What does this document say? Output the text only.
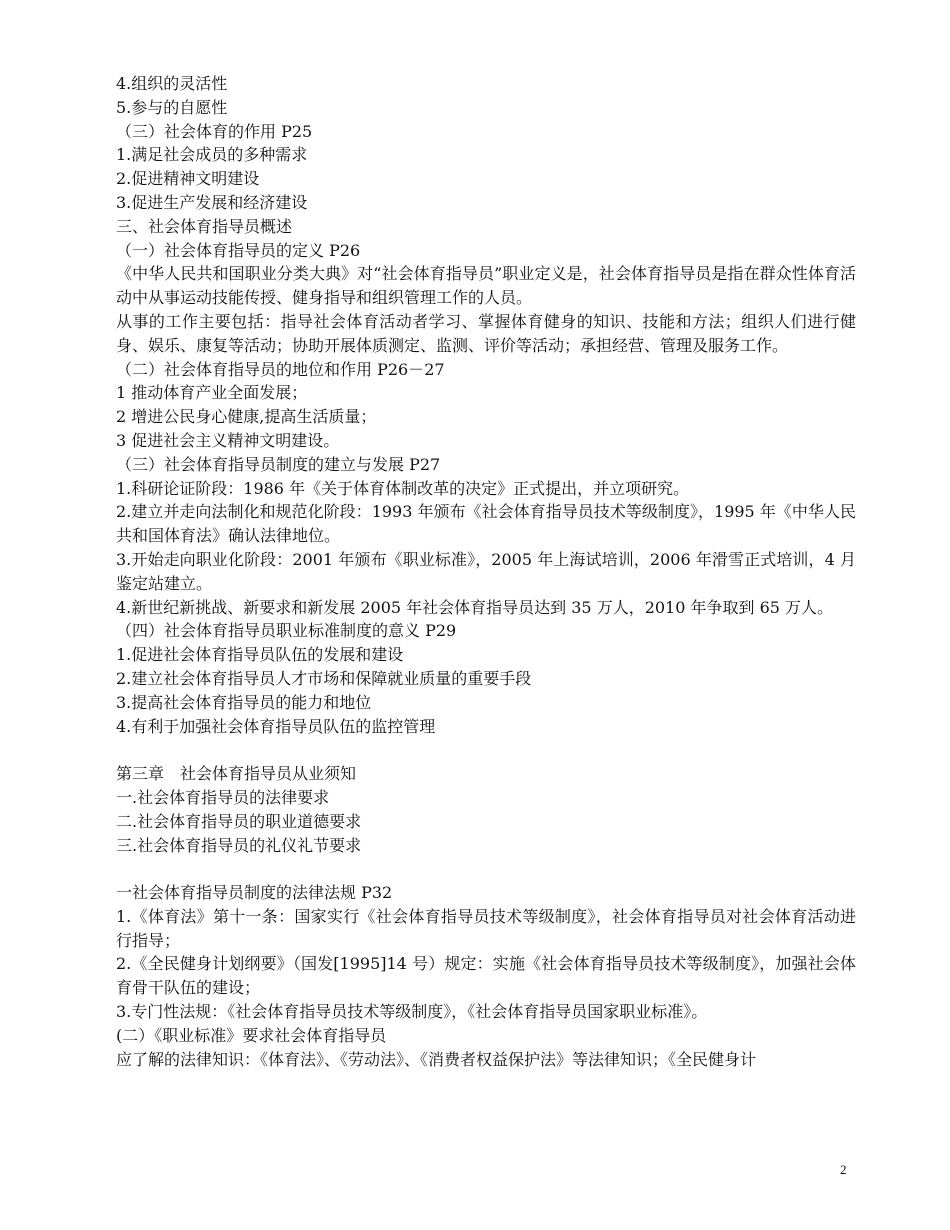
4.组织的灵活性
5.参与的自愿性
（三）社会体育的作用 P25
1.满足社会成员的多种需求
2.促进精神文明建设
3.促进生产发展和经济建设
三、社会体育指导员概述
（一）社会体育指导员的定义 P26
《中华人民共和国职业分类大典》对“社会体育指导员”职业定义是，社会体育指导员是指在群众性体育活动中从事运动技能传授、健身指导和组织管理工作的人员。
从事的工作主要包括：指导社会体育活动者学习、掌握体育健身的知识、技能和方法；组织人们进行健身、娱乐、康复等活动；协助开展体质测定、监测、评价等活动；承担经营、管理及服务工作。
（二）社会体育指导员的地位和作用 P26－27
1 推动体育产业全面发展；
2 增进公民身心健康,提高生活质量；
3 促进社会主义精神文明建设。
（三）社会体育指导员制度的建立与发展 P27
1.科研论证阶段：1986 年《关于体育体制改革的决定》正式提出，并立项研究。
2.建立并走向法制化和规范化阶段：1993 年颁布《社会体育指导员技术等级制度》，1995 年《中华人民共和国体育法》确认法律地位。
3.开始走向职业化阶段：2001 年颁布《职业标准》，2005 年上海试培训，2006 年滑雪正式培训，4 月鉴定站建立。
4.新世纪新挑战、新要求和新发展 2005 年社会体育指导员达到 35 万人，2010 年争取到 65 万人。
（四）社会体育指导员职业标准制度的意义 P29
1.促进社会体育指导员队伍的发展和建设
2.建立社会体育指导员人才市场和保障就业质量的重要手段
3.提高社会体育指导员的能力和地位
4.有利于加强社会体育指导员队伍的监控管理
第三章　社会体育指导员从业须知
一.社会体育指导员的法律要求
二.社会体育指导员的职业道德要求
三.社会体育指导员的礼仪礼节要求
一社会体育指导员制度的法律法规 P32
1.《体育法》第十一条：国家实行《社会体育指导员技术等级制度》，社会体育指导员对社会体育活动进行指导；
2.《全民健身计划纲要》（国发[1995]14 号）规定：实施《社会体育指导员技术等级制度》，加强社会体育骨干队伍的建设；
3.专门性法规：《社会体育指导员技术等级制度》，《社会体育指导员国家职业标准》。
(二）《职业标准》要求社会体育指导员
应了解的法律知识：《体育法》、《劳动法》、《消费者权益保护法》等法律知识；《全民健身计
2
